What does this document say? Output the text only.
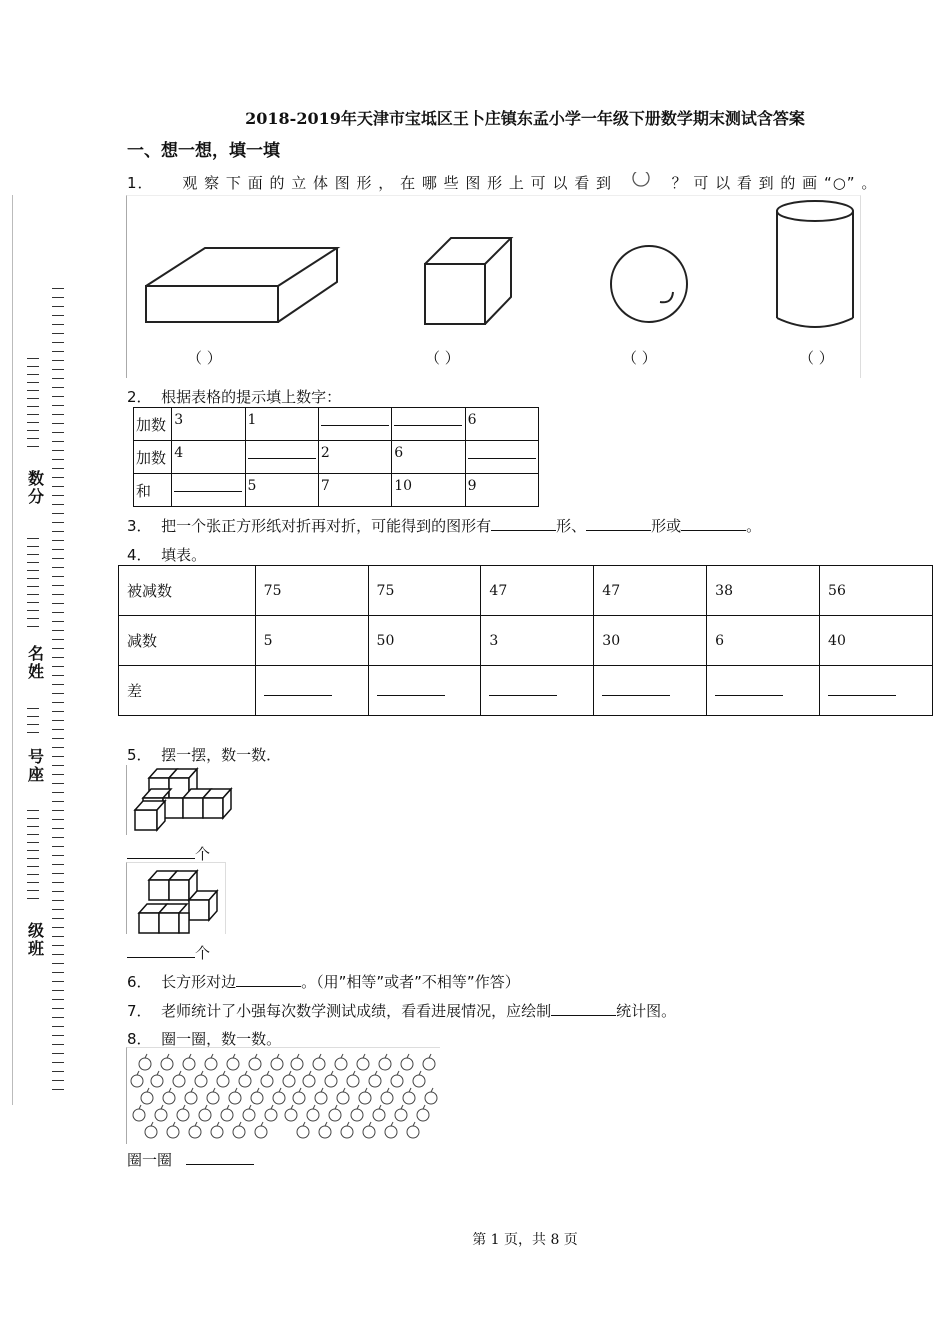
数分
名姓
号座
级班
2018-2019年天津市宝坻区王卜庄镇东孟小学一年级下册数学期末测试含答案
一、想一想，填一填
1． 观 察 下 面 的 立 体 图 形 ， 在 哪 些 图 形 上 可 以 看 到	？ 可 以 看 到 的 画 “○” 。
（ ）	（ ）	（ ）	（ ）
2． 根据表格的提示填上数字：
加数	3	1			6
加数	4		2	6	
和		5	7	10	9
3． 把一个张正方形纸对折再对折，可能得到的图形有	形、	形或	。
4． 填表。
被减数	75	75	47	47	38	56
减数	5	50	3	30	6	40
差						
5． 摆一摆，数一数．
个
个
6． 长方形对边	。（用”相等”或者”不相等”作答）
7． 老师统计了小强每次数学测试成绩，看看进展情况，应绘制	统计图。
8． 圈一圈，数一数。
圈一圈
第 1 页，共 8 页
